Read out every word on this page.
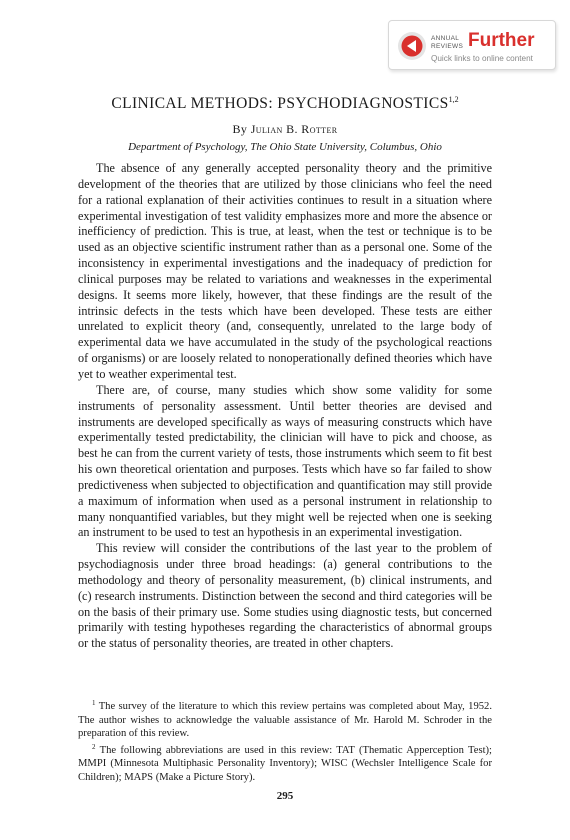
ANNUAL
REVIEWS Further
Quick links to online content
CLINICAL METHODS: PSYCHODIAGNOSTICS$^{1,2}$
By Julian B. Rotter
Department of Psychology, The Ohio State University, Columbus, Ohio

The absence of any generally accepted personality theory and the primitive development of the theories that are utilized by those clinicians who feel the need for a rational explanation of their activities continues to result in a situation where experimental investigation of test validity emphasizes more and more the absence or inefficiency of prediction. This is true, at least, when the test or technique is to be used as an objective scientific instrument rather than as a personal one. Some of the inconsistency in experimental investigations and the inadequacy of prediction for clinical purposes may be related to variations and weaknesses in the experimental designs. It seems more likely, however, that these findings are the result of the intrinsic defects in the tests which have been developed. These tests are either unrelated to explicit theory (and, consequently, unrelated to the large body of experimental data we have accumulated in the study of the psychological reactions of organisms) or are loosely related to nonoperationally defined theories which have yet to weather experimental test.

There are, of course, many studies which show some validity for some instruments of personality assessment. Until better theories are devised and instruments are developed specifically as ways of measuring constructs which have experimentally tested predictability, the clinician will have to pick and choose, as best he can from the current variety of tests, those instruments which seem to fit best his own theoretical orientation and purposes. Tests which have so far failed to show predictiveness when subjected to objectification and quantification may still provide a maximum of information when used as a personal instrument in relationship to many nonquantified variables, but they might well be rejected when one is seeking an instrument to be used to test an hypothesis in an experimental investigation.

This review will consider the contributions of the last year to the problem of psychodiagnosis under three broad headings: (a) general contributions to the methodology and theory of personality measurement, (b) clinical instruments, and (c) research instruments. Distinction between the second and third categories will be on the basis of their primary use. Some studies using diagnostic tests, but concerned primarily with testing hypotheses regarding the characteristics of abnormal groups or the status of personality theories, are treated in other chapters.

$^1$ The survey of the literature to which this review pertains was completed about May, 1952. The author wishes to acknowledge the valuable assistance of Mr. Harold M. Schroder in the preparation of this review.

$^2$ The following abbreviations are used in this review: TAT (Thematic Apperception Test); MMPI (Minnesota Multiphasic Personality Inventory); WISC (Wechsler Intelligence Scale for Children); MAPS (Make a Picture Story).

295
